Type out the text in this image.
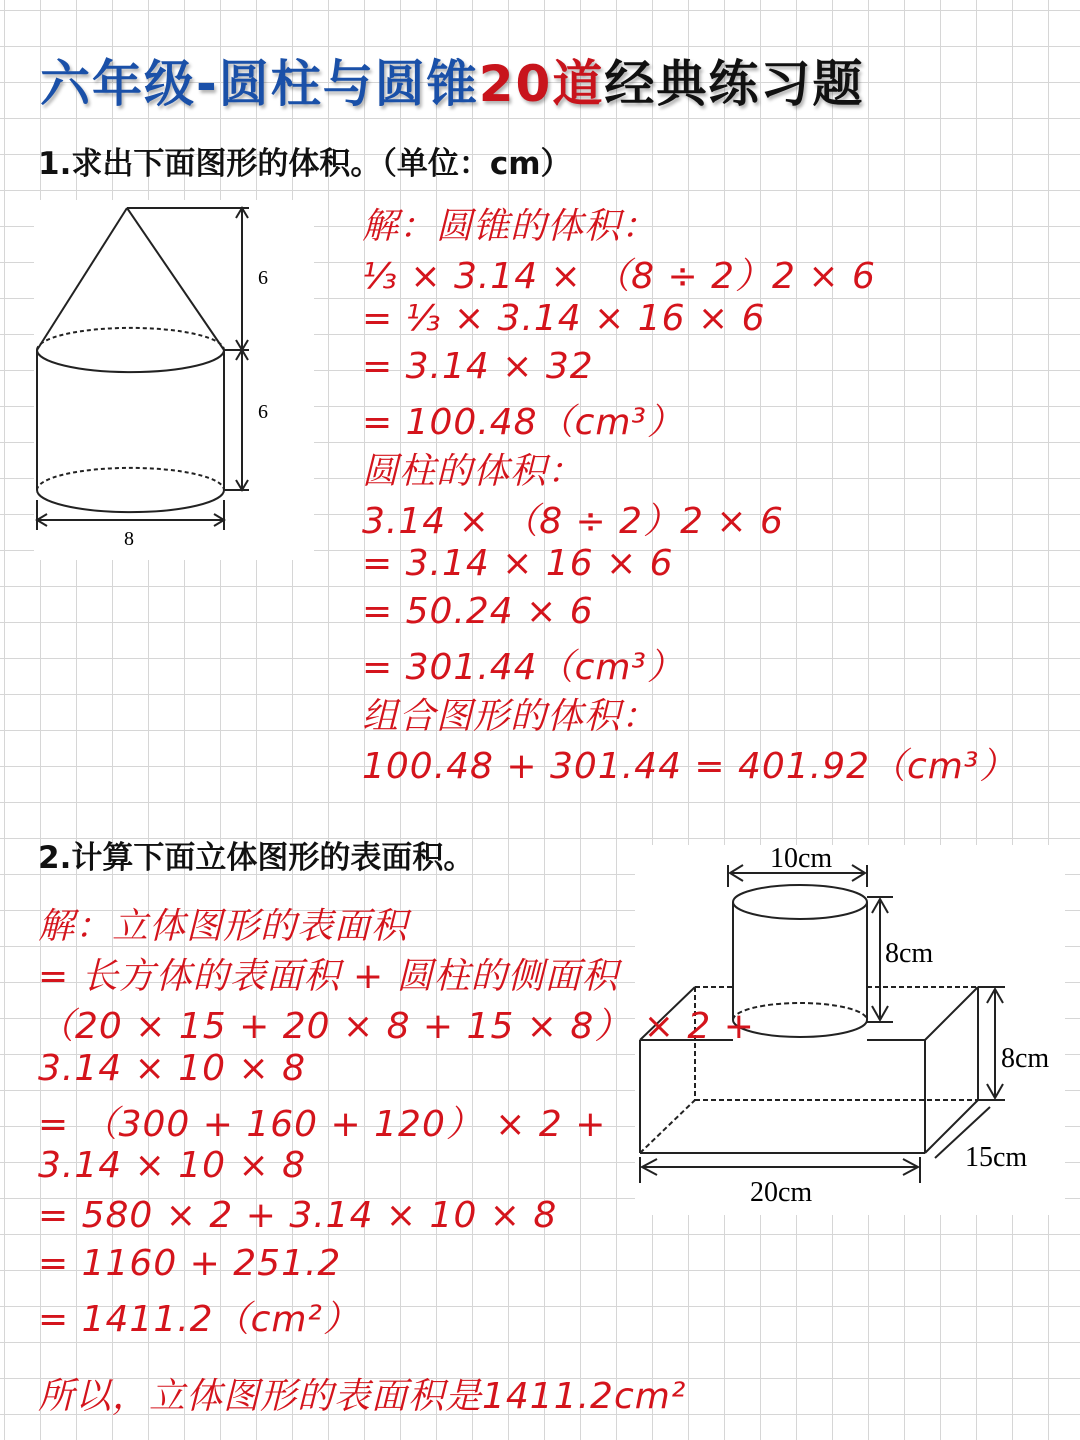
六年级-圆柱与圆锥20道经典练习题
1.求出下面图形的体积。（单位：cm）
6
6
8
解：圆锥的体积：
⅓ × 3.14 × （8 ÷ 2）2 × 6
= ⅓ × 3.14 × 16 × 6
= 3.14 × 32
= 100.48（cm³）
圆柱的体积：
3.14 × （8 ÷ 2）2 × 6
= 3.14 × 16 × 6
= 50.24 × 6
= 301.44（cm³）
组合图形的体积：
100.48 + 301.44 = 401.92（cm³）
2.计算下面立体图形的表面积。	10cm
8cm
8cm
15cm
20cm
解：立体图形的表面积
= 长方体的表面积 + 圆柱的侧面积
（20 × 15 + 20 × 8 + 15 × 8） × 2 +
3.14 × 10 × 8
= （300 + 160 + 120） × 2 +
3.14 × 10 × 8
= 580 × 2 + 3.14 × 10 × 8
= 1160 + 251.2
= 1411.2（cm²）
所以，立体图形的表面积是1411.2cm²
